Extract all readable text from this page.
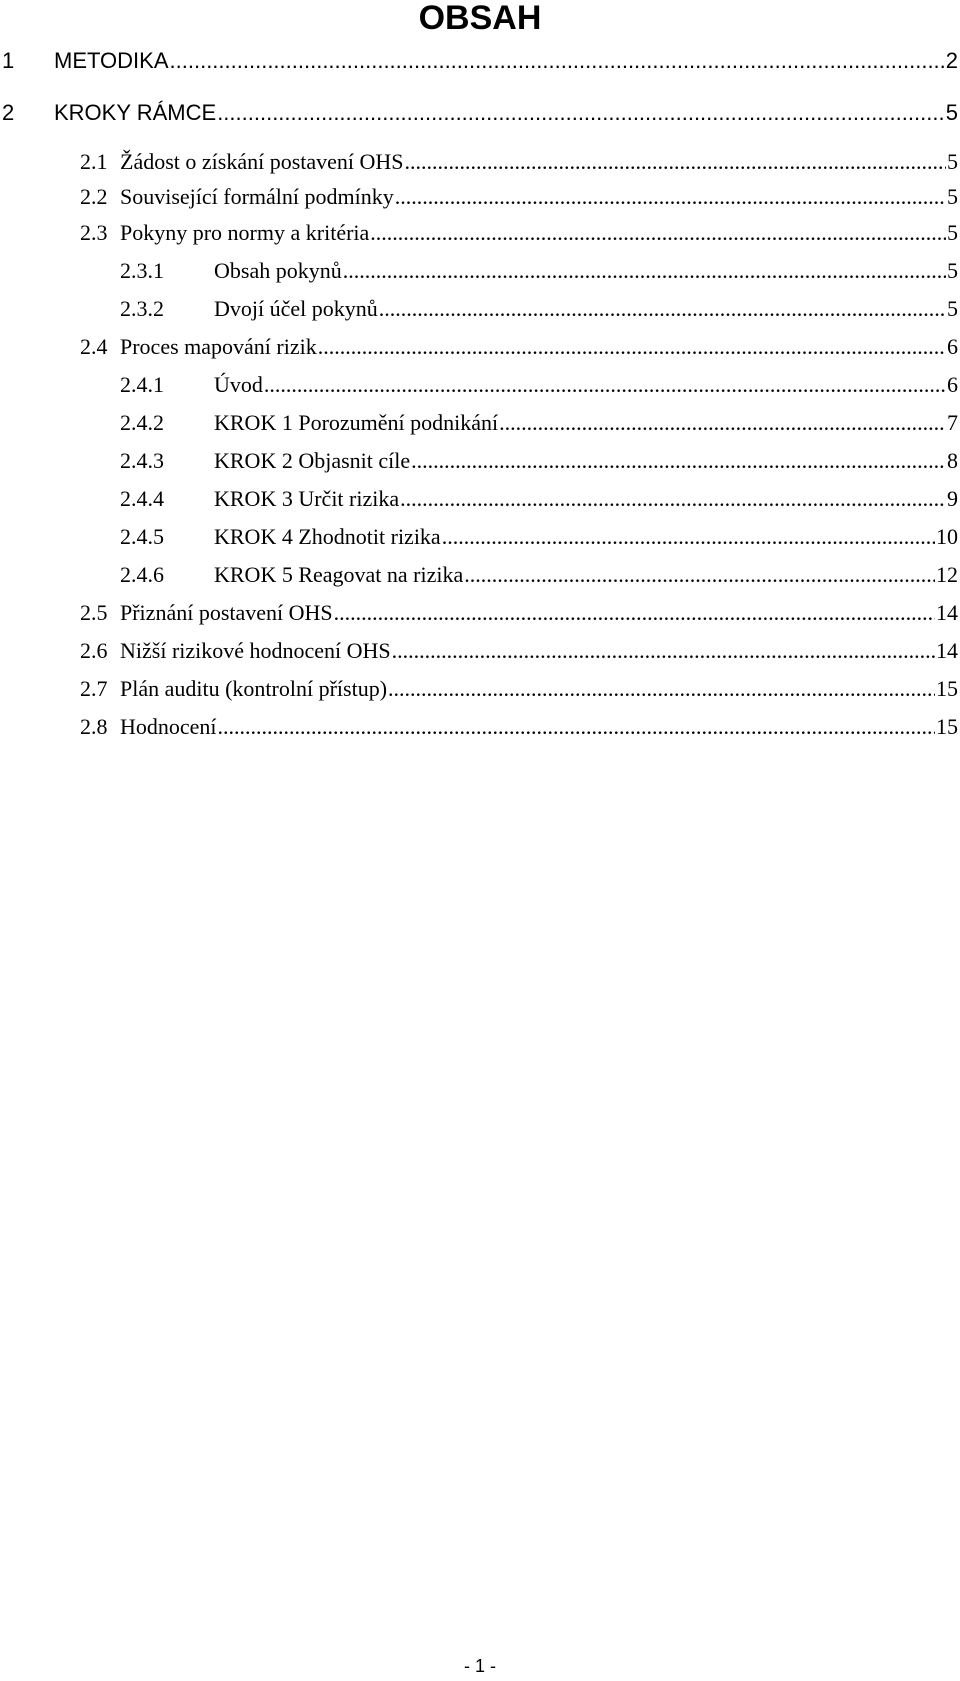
OBSAH
1 METODIKA .....	2
2 KROKY RÁMCE .....	5
2.1 Žádost o získání postavení OHS .....	5
2.2 Související formální podmínky .....	5
2.3 Pokyny pro normy a kritéria .....	5
2.3.1 Obsah pokynů .....	5
2.3.2 Dvojí účel pokynů .....	5
2.4 Proces mapování rizik .....	6
2.4.1 Úvod .....	6
2.4.2 KROK 1 Porozumění podnikání .....	7
2.4.3 KROK 2 Objasnit cíle .....	8
2.4.4 KROK 3 Určit rizika .....	9
2.4.5 KROK 4 Zhodnotit rizika .....	10
2.4.6 KROK 5 Reagovat na rizika .....	12
2.5 Přiznání postavení OHS .....	14
2.6 Nižší rizikové hodnocení OHS .....	14
2.7 Plán auditu (kontrolní přístup) .....	15
2.8 Hodnocení .....	15
- 1 -
